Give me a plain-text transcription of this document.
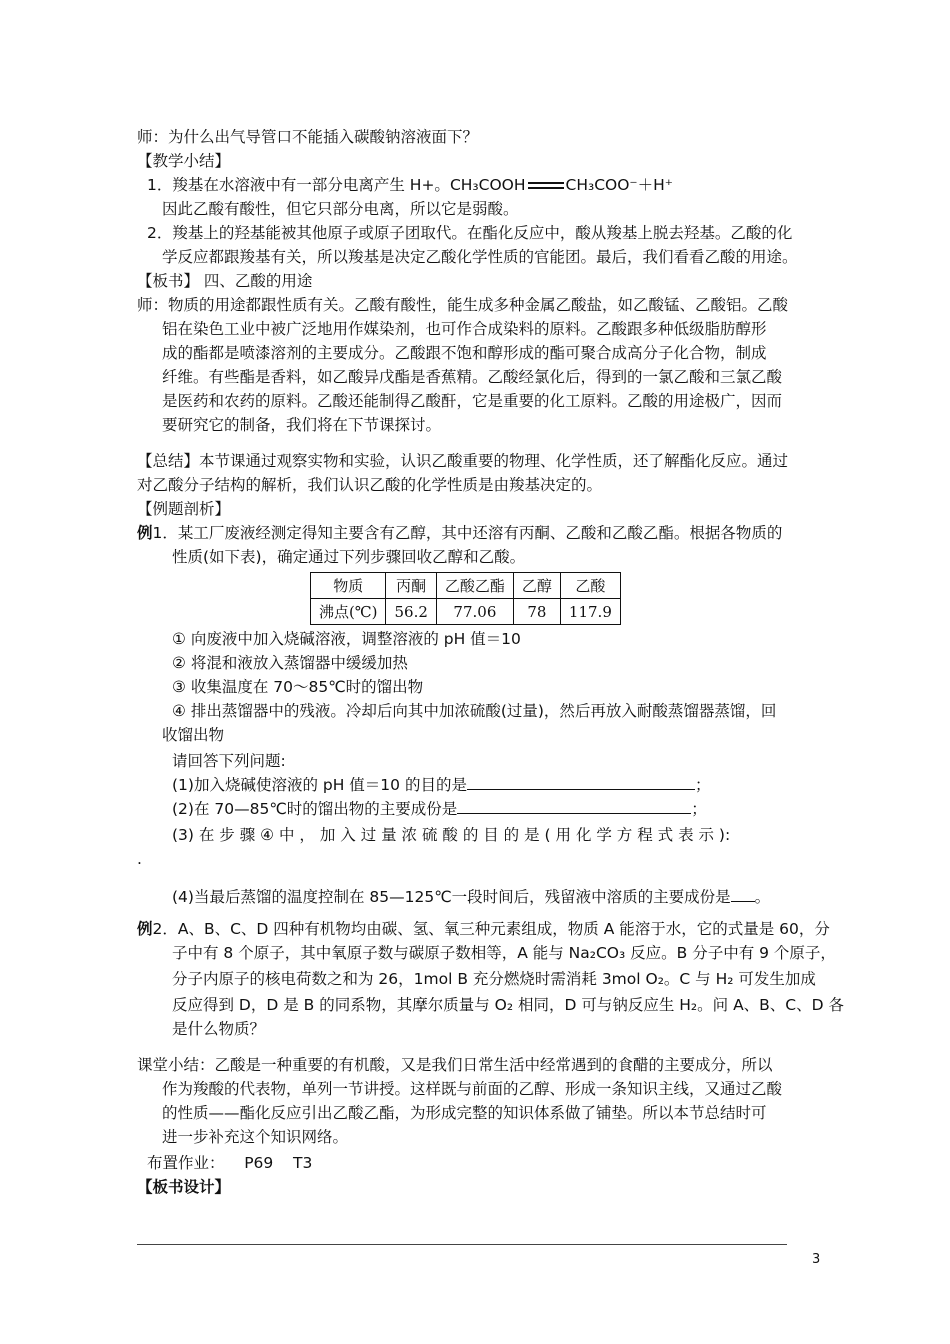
师：为什么出气导管口不能插入碳酸钠溶液面下？
【教学小结】
1．羧基在水溶液中有一部分电离产生 H+。CH₃COOH	CH₃COO⁻＋H⁺
因此乙酸有酸性，但它只部分电离，所以它是弱酸。
2．羧基上的羟基能被其他原子或原子团取代。在酯化反应中，酸从羧基上脱去羟基。乙酸的化
学反应都跟羧基有关，所以羧基是决定乙酸化学性质的官能团。最后，我们看看乙酸的用途。
【板书】 四、乙酸的用途
师：物质的用途都跟性质有关。乙酸有酸性，能生成多种金属乙酸盐，如乙酸锰、乙酸铝。乙酸
铝在染色工业中被广泛地用作媒染剂，也可作合成染料的原料。乙酸跟多种低级脂肪醇形
成的酯都是喷漆溶剂的主要成分。乙酸跟不饱和醇形成的酯可聚合成高分子化合物，制成
纤维。有些酯是香料，如乙酸异戊酯是香蕉精。乙酸经氯化后，得到的一氯乙酸和三氯乙酸
是医药和农药的原料。乙酸还能制得乙酸酐，它是重要的化工原料。乙酸的用途极广，因而
要研究它的制备，我们将在下节课探讨。
【总结】本节课通过观察实物和实验，认识乙酸重要的物理、化学性质，还了解酯化反应。通过
对乙酸分子结构的解析，我们认识乙酸的化学性质是由羧基决定的。
【例题剖析】
例1．某工厂废液经测定得知主要含有乙醇，其中还溶有丙酮、乙酸和乙酸乙酯。根据各物质的
性质(如下表)，确定通过下列步骤回收乙醇和乙酸。
物质	丙酮	乙酸乙酯	乙醇	乙酸
沸点(℃)	56.2	77.06	78	117.9
① 向废液中加入烧碱溶液，调整溶液的 pH 值＝10
② 将混和液放入蒸馏器中缓缓加热
③ 收集温度在 70～85℃时的馏出物
④ 排出蒸馏器中的残液。冷却后向其中加浓硫酸(过量)，然后再放入耐酸蒸馏器蒸馏，回
收馏出物
请回答下列问题:
(1)加入烧碱使溶液的 pH 值＝10 的目的是	；
(2)在 70—85℃时的馏出物的主要成份是	；
(3) 在 步 骤 ④ 中 ， 加 入 过 量 浓 硫 酸 的 目 的 是 ( 用 化 学 方 程 式 表 示 ):
.
(4)当最后蒸馏的温度控制在 85—125℃一段时间后，残留液中溶质的主要成份是 。
例2．A、B、C、D 四种有机物均由碳、氢、氧三种元素组成，物质 A 能溶于水，它的式量是 60，分
子中有 8 个原子，其中氧原子数与碳原子数相等，A 能与 Na₂CO₃ 反应。B 分子中有 9 个原子，
分子内原子的核电荷数之和为 26，1mol B 充分燃烧时需消耗 3mol O₂。C 与 H₂ 可发生加成
反应得到 D，D 是 B 的同系物，其摩尔质量与 O₂ 相同，D 可与钠反应生 H₂。问 A、B、C、D 各
是什么物质？
课堂小结：乙酸是一种重要的有机酸，又是我们日常生活中经常遇到的食醋的主要成分，所以
作为羧酸的代表物，单列一节讲授。这样既与前面的乙醇、形成一条知识主线，又通过乙酸
的性质——酯化反应引出乙酸乙酯，为形成完整的知识体系做了铺垫。所以本节总结时可
进一步补充这个知识网络。
布置作业：    P69    T3
【板书设计】
3
